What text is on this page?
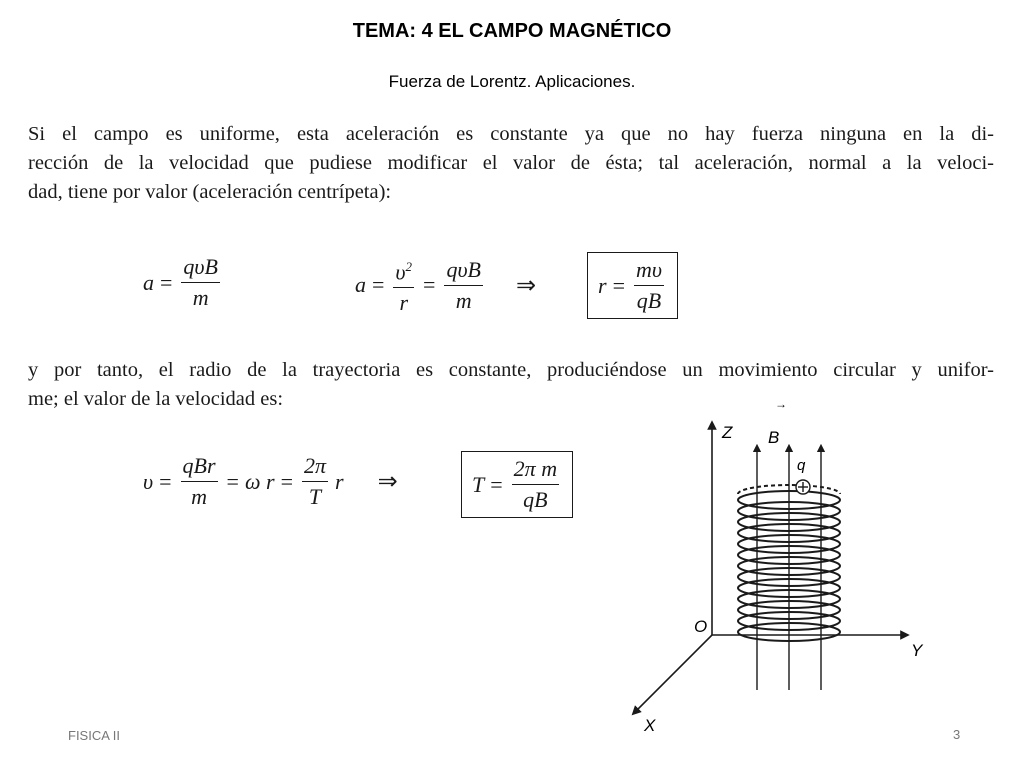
TEMA: 4 EL CAMPO MAGNÉTICO
Fuerza de Lorentz. Aplicaciones.
Si el campo es uniforme, esta aceleración es constante ya que no hay fuerza ninguna en la di-
rección de la velocidad que pudiese modificar el valor de ésta; tal aceleración, normal a la veloci-
dad, tiene por valor (aceleración centrípeta):
$a = \frac{\text{qυB}}{m}$	$a = \frac{\upsilon^2}{r} = \frac{\text{qυB}}{m}$ ⇒	$r = \frac{m\upsilon}{qB}$
y por tanto, el radio de la trayectoria es constante, produciéndose un movimiento circular y unifor-
me; el valor de la velocidad es:
$\upsilon = \frac{\text{qBr}}{m} = \omega$ $r = \frac{2\pi}{T}$ r ⇒	$T = \frac{\text{2π m}}{qB}$
Z
→
B
q
O
Y
X
FISICA II	3
